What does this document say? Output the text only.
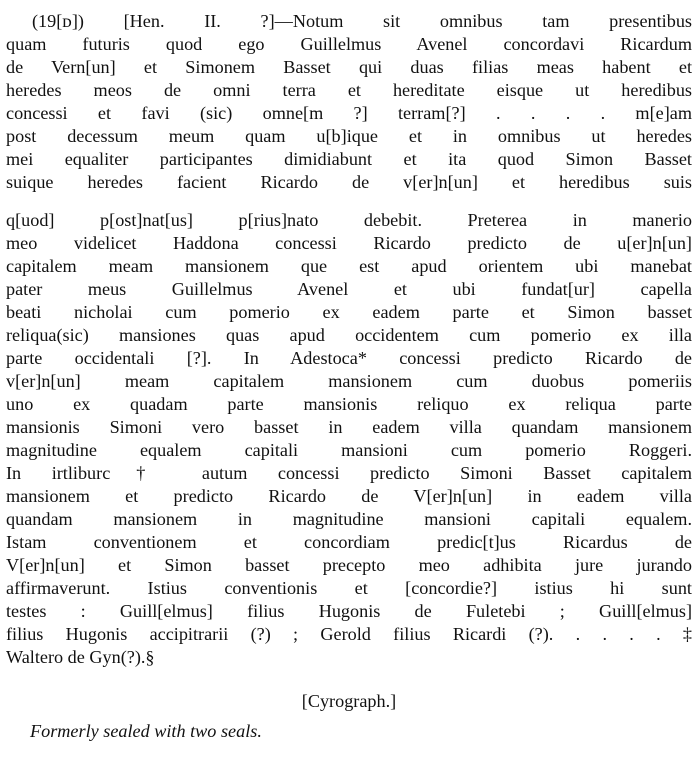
(19[ᴅ]) [Hen. II. ?]—Notum sit omnibus tam presentibus
quam futuris quod ego Guillelmus Avenel concordavi Ricardum
de Vern[un] et Simonem Basset qui duas filias meas habent et
heredes meos de omni terra et hereditate eisque ut heredibus
concessi et favi (sic) omne[m ?] terram[?] . . . . m[e]am
post decessum meum quam u[b]ique et in omnibus ut heredes
mei equaliter participantes dimidiabunt et ita quod Simon Basset
suique heredes facient Ricardo de v[er]n[un] et heredibus suis
q[uod] p[ost]nat[us] p[rius]nato debebit. Preterea in manerio
meo videlicet Haddona concessi Ricardo predicto de u[er]n[un]
capitalem meam mansionem que est apud orientem ubi manebat
pater meus Guillelmus Avenel et ubi fundat[ur] capella
beati nicholai cum pomerio ex eadem parte et Simon basset
reliqua(sic) mansiones quas apud occidentem cum pomerio ex illa
parte occidentali [?]. In Adestoca* concessi predicto Ricardo de
v[er]n[un] meam capitalem mansionem cum duobus pomeriis
uno ex quadam parte mansionis reliquo ex reliqua parte
mansionis Simoni vero basset in eadem villa quandam mansionem
magnitudine equalem capitali mansioni cum pomerio Roggeri.
In irtliburc† autum concessi predicto Simoni Basset capitalem
mansionem et predicto Ricardo de V[er]n[un] in eadem villa
quandam mansionem in magnitudine mansioni capitali equalem.
Istam conventionem et concordiam predic[t]us Ricardus de
V[er]n[un] et Simon basset precepto meo adhibita jure jurando
affirmaverunt. Istius conventionis et [concordie?] istius hi sunt
testes : Guill[elmus] filius Hugonis de Fuletebi ; Guill[elmus]
filius Hugonis accipitrarii (?) ; Gerold filius Ricardi (?). . . . . ‡
Waltero de Gyn(?).§
[Cyrograph.]
Formerly sealed with two seals.
